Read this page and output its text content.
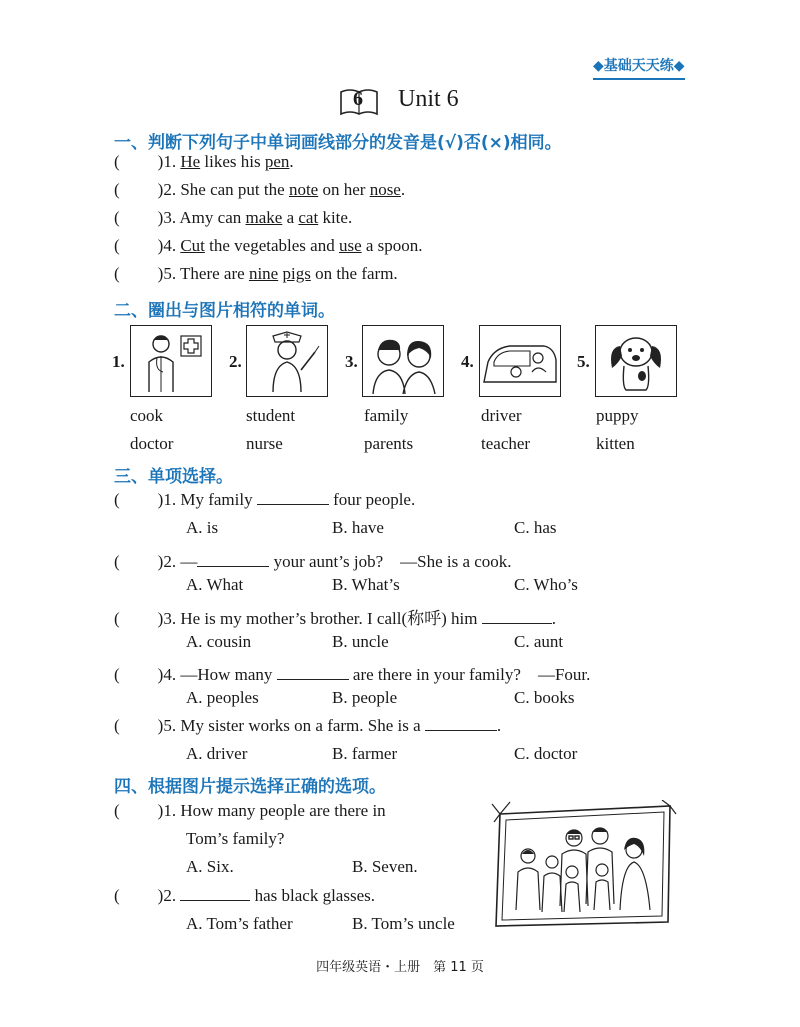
◆基础天天练◆
6 Unit 6
一、判断下列句子中单词画线部分的发音是(√)否(×)相同。
( )1. He likes his pen.
( )2. She can put the note on her nose.
( )3. Amy can make a cat kite.
( )4. Cut the vegetables and use a spoon.
( )5. There are nine pigs on the farm.
二、圈出与图片相符的单词。
1.
cook
doctor
2.
student
nurse
3.
family
parents
4.
driver
teacher
5.
puppy
kitten
三、单项选择。
( )1. My family	four people.
A. is	B. have	C. has
( )2. —	your aunt’s job?　—She is a cook.
A. What	B. What’s	C. Who’s
( )3. He is my mother’s brother. I call(称呼) him	.
A. cousin	B. uncle	C. aunt
( )4. —How many	are there in your family?　—Four.
A. peoples	B. people	C. books
( )5. My sister works on a farm. She is a	.
A. driver	B. farmer	C. doctor
四、根据图片提示选择正确的选项。
( )1. How many people are there in
Tom’s family?
A. Six.	B. Seven.
( )2.	has black glasses.
A. Tom’s father	B. Tom’s uncle
四年级英语・上册　第 11 页
